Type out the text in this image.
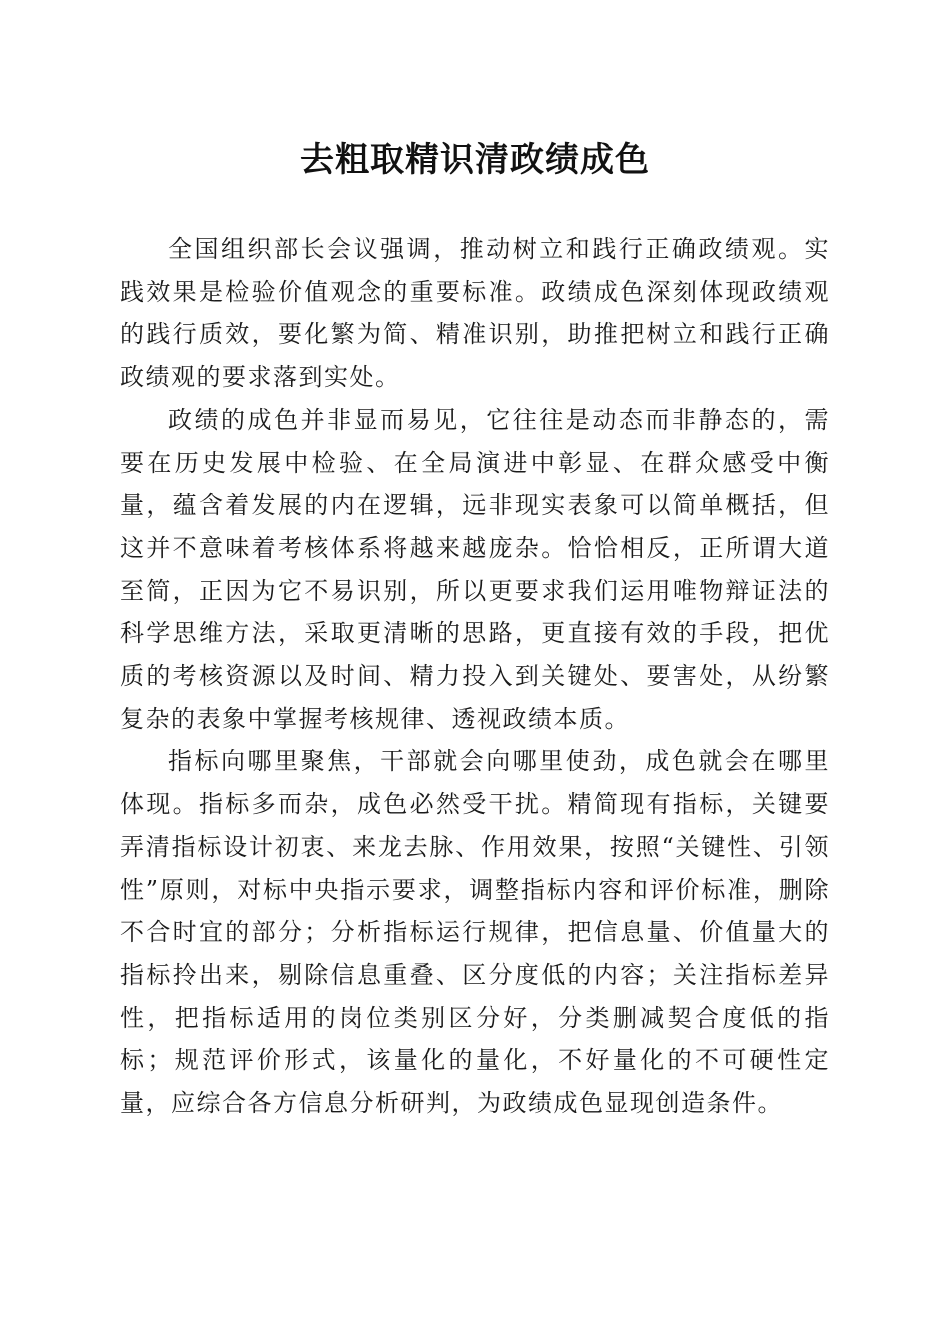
去粗取精识清政绩成色

全国组织部长会议强调，推动树立和践行正确政绩观。实践效果是检验价值观念的重要标准。政绩成色深刻体现政绩观的践行质效，要化繁为简、精准识别，助推把树立和践行正确政绩观的要求落到实处。

政绩的成色并非显而易见，它往往是动态而非静态的，需要在历史发展中检验、在全局演进中彰显、在群众感受中衡量，蕴含着发展的内在逻辑，远非现实表象可以简单概括，但这并不意味着考核体系将越来越庞杂。恰恰相反，正所谓大道至简，正因为它不易识别，所以更要求我们运用唯物辩证法的科学思维方法，采取更清晰的思路，更直接有效的手段，把优质的考核资源以及时间、精力投入到关键处、要害处，从纷繁复杂的表象中掌握考核规律、透视政绩本质。

指标向哪里聚焦，干部就会向哪里使劲，成色就会在哪里体现。指标多而杂，成色必然受干扰。精简现有指标，关键要弄清指标设计初衷、来龙去脉、作用效果，按照“关键性、引领性”原则，对标中央指示要求，调整指标内容和评价标准，删除不合时宜的部分；分析指标运行规律，把信息量、价值量大的指标拎出来，剔除信息重叠、区分度低的内容；关注指标差异性，把指标适用的岗位类别区分好，分类删减契合度低的指标；规范评价形式，该量化的量化，不好量化的不可硬性定量，应综合各方信息分析研判，为政绩成色显现创造条件。
